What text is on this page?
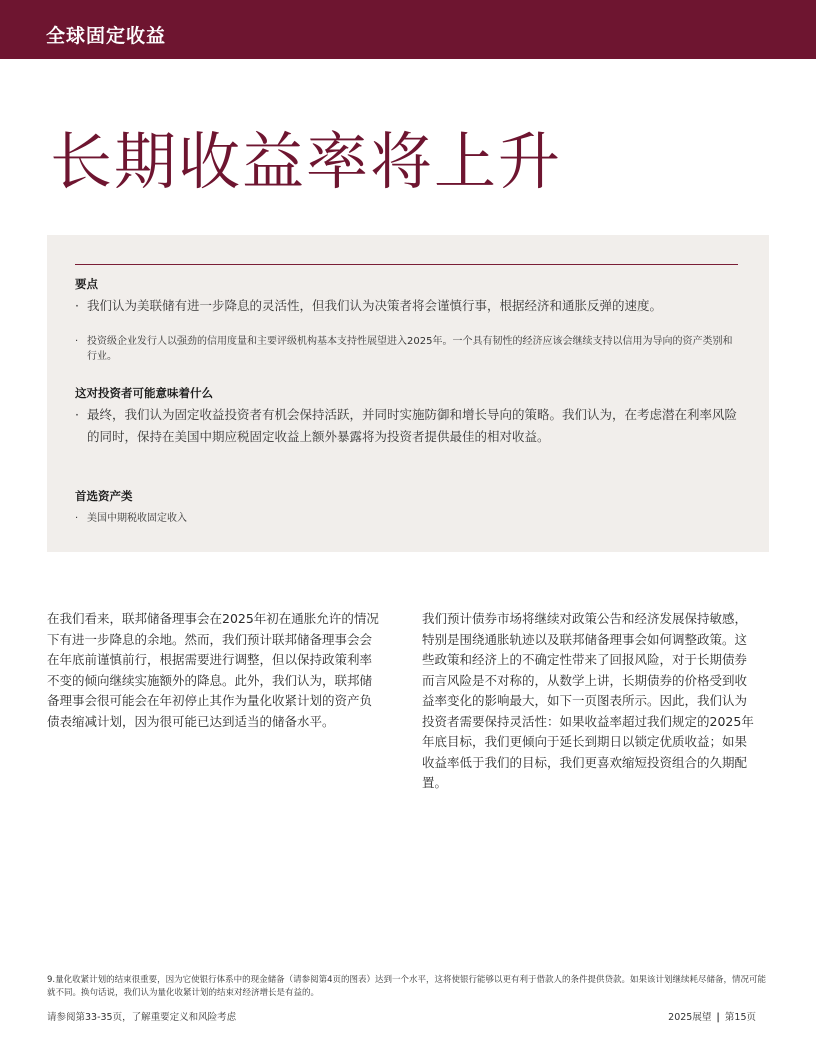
全球固定收益
长期收益率将上升
要点
· 我们认为美联储有进一步降息的灵活性，但我们认为决策者将会谨慎行事，根据经济和通胀反弹的速度。
· 投资级企业发行人以强劲的信用度量和主要评级机构基本支持性展望进入2025年。一个具有韧性的经济应该会继续支持以信用为导向的资产类别和行业。
这对投资者可能意味着什么
· 最终，我们认为固定收益投资者有机会保持活跃，并同时实施防御和增长导向的策略。我们认为，在考虑潜在利率风险的同时，保持在美国中期应税固定收益上额外暴露将为投资者提供最佳的相对收益。
首选资产类
· 美国中期税收固定收入
在我们看来，联邦储备理事会在2025年初在通胀允许的情况下有进一步降息的余地。然而，我们预计联邦储备理事会会在年底前谨慎前行，根据需要进行调整，但以保持政策利率不变的倾向继续实施额外的降息。此外，我们认为，联邦储备理事会很可能会在年初停止其作为量化收紧计划的资产负债表缩减计划，因为很可能已达到适当的储备水平。
我们预计债券市场将继续对政策公告和经济发展保持敏感，特别是围绕通胀轨迹以及联邦储备理事会如何调整政策。这些政策和经济上的不确定性带来了回报风险，对于长期债券而言风险是不对称的，从数学上讲，长期债券的价格受到收益率变化的影响最大，如下一页图表所示。因此，我们认为投资者需要保持灵活性：如果收益率超过我们规定的2025年年底目标，我们更倾向于延长到期日以锁定优质收益；如果收益率低于我们的目标，我们更喜欢缩短投资组合的久期配置。
9.量化收紧计划的结束很重要，因为它使银行体系中的现金储备（请参阅第4页的图表）达到一个水平，这将使银行能够以更有利于借款人的条件提供贷款。如果该计划继续耗尽储备，情况可能就不同。换句话说，我们认为量化收紧计划的结束对经济增长是有益的。
请参阅第33-35页，了解重要定义和风险考虑	2025展望 | 第15页
